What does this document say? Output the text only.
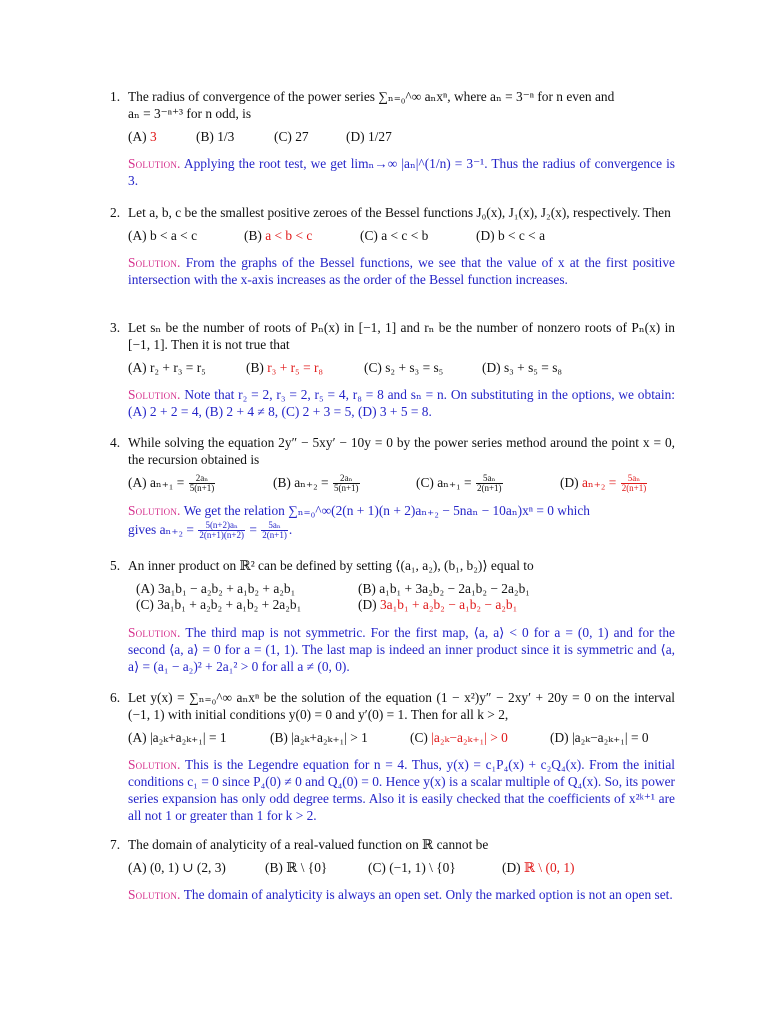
1. The radius of convergence of the power series ∑ₙ₌₀^∞ aₙxⁿ, where aₙ = 3⁻ⁿ for n even and
aₙ = 3⁻ⁿ⁺³ for n odd, is
(A) 3	(B) 1/3	(C) 27	(D) 1/27
Solution. Applying the root test, we get limₙ→∞ |aₙ|^(1/n) = 3⁻¹. Thus the radius of convergence is 3.
2. Let a, b, c be the smallest positive zeroes of the Bessel functions J₀(x), J₁(x), J₂(x), respectively. Then
(A) b < a < c	(B) a < b < c	(C) a < c < b	(D) b < c < a
Solution. From the graphs of the Bessel functions, we see that the value of x at the first positive intersection with the x-axis increases as the order of the Bessel function increases.
3. Let sₙ be the number of roots of Pₙ(x) in [−1, 1] and rₙ be the number of nonzero roots of Pₙ(x) in [−1, 1]. Then it is not true that
(A) r₂ + r₃ = r₅	(B) r₃ + r₅ = r₈	(C) s₂ + s₃ = s₅	(D) s₃ + s₅ = s₈
Solution. Note that r₂ = 2, r₃ = 2, r₅ = 4, r₈ = 8 and sₙ = n. On substituting in the options, we obtain: (A) 2 + 2 = 4, (B) 2 + 4 ≠ 8, (C) 2 + 3 = 5, (D) 3 + 5 = 8.
4. While solving the equation 2y″ − 5xy′ − 10y = 0 by the power series method around the point x = 0, the recursion obtained is
(A) $a_{n+1} = \frac{\text{2aₙ}}{5(n+1)}$	(B) $a_{n+2} = \frac{\text{2aₙ}}{5(n+1)}$	(C) $a_{n+1} = \frac{\text{5aₙ}}{2(n+1)}$	(D) $a_{n+2} = \frac{\text{5aₙ}}{2(n+1)}$
Solution. We get the relation ∑ₙ₌₀^∞(2(n + 1)(n + 2)aₙ₊₂ − 5naₙ − 10aₙ)xⁿ = 0 which
gives $a_{n+2} = \frac{\text{5(n+2)aₙ}}{2(n+1)(n+2)} = \frac{\text{5aₙ}}{2(n+1)}$ .
5. An inner product on ℝ² can be defined by setting ⟨(a₁, a₂), (b₁, b₂)⟩ equal to
(A) 3a₁b₁ − a₂b₂ + a₁b₂ + a₂b₁	(B) a₁b₁ + 3a₂b₂ − 2a₁b₂ − 2a₂b₁
(C) 3a₁b₁ + a₂b₂ + a₁b₂ + 2a₂b₁	(D) 3a₁b₁ + a₂b₂ − a₁b₂ − a₂b₁
Solution. The third map is not symmetric. For the first map, ⟨a, a⟩ < 0 for a = (0, 1) and for the second ⟨a, a⟩ = 0 for a = (1, 1). The last map is indeed an inner product since it is symmetric and ⟨a, a⟩ = (a₁ − a₂)² + 2a₁² > 0 for all a ≠ (0, 0).
6. Let y(x) = ∑ₙ₌₀^∞ aₙxⁿ be the solution of the equation (1 − x²)y″ − 2xy′ + 20y = 0 on the interval (−1, 1) with initial conditions y(0) = 0 and y′(0) = 1. Then for all k > 2,
(A) |a₂ₖ+a₂ₖ₊₁| = 1	(B) |a₂ₖ+a₂ₖ₊₁| > 1	(C) |a₂ₖ−a₂ₖ₊₁| > 0	(D) |a₂ₖ−a₂ₖ₊₁| = 0
Solution. This is the Legendre equation for n = 4. Thus, y(x) = c₁P₄(x) + c₂Q₄(x). From the initial conditions c₁ = 0 since P₄(0) ≠ 0 and Q₄(0) = 0. Hence y(x) is a scalar multiple of Q₄(x). So, its power series expansion has only odd degree terms. Also it is easily checked that the coefficients of x²ᵏ⁺¹ are all not 1 or greater than 1 for k > 2.
7. The domain of analyticity of a real-valued function on ℝ cannot be
(A) (0, 1) ∪ (2, 3)	(B) ℝ \ {0}	(C) (−1, 1) \ {0}	(D) ℝ \ (0, 1)
Solution. The domain of analyticity is always an open set. Only the marked option is not an open set.
